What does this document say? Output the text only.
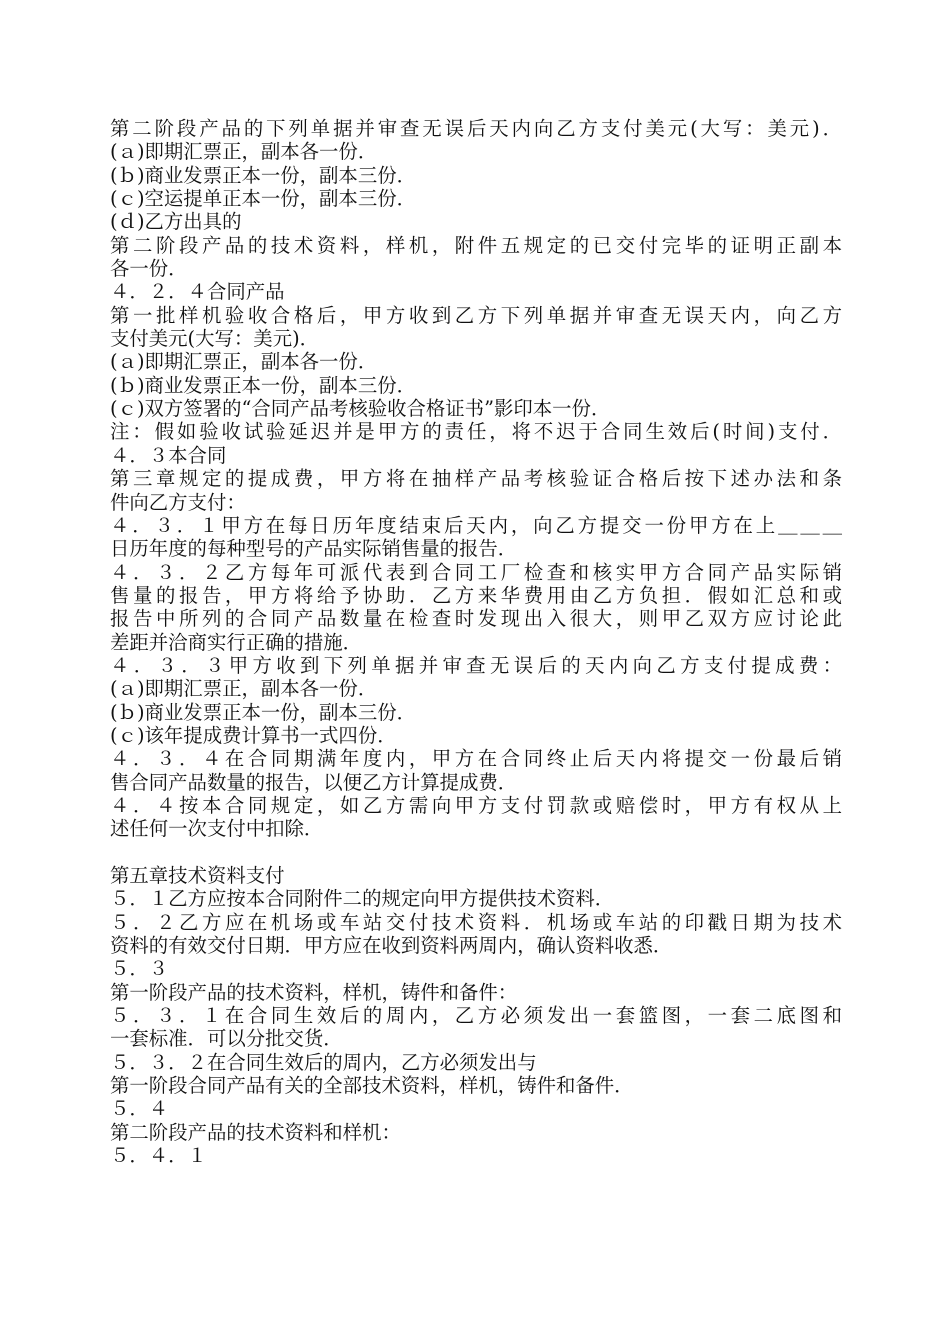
第二阶段产品的下列单据并审查无误后天内向乙方支付美元(大写：美元)．
(ａ)即期汇票正，副本各一份．
(ｂ)商业发票正本一份，副本三份．
(ｃ)空运提单正本一份，副本三份．
(ｄ)乙方出具的
第二阶段产品的技术资料，样机，附件五规定的已交付完毕的证明正副本
各一份．
４．２．４合同产品
第一批样机验收合格后，甲方收到乙方下列单据并审查无误天内，向乙方
支付美元(大写：美元)．
(ａ)即期汇票正，副本各一份．
(ｂ)商业发票正本一份，副本三份．
(ｃ)双方签署的“合同产品考核验收合格证书”影印本一份．
注：假如验收试验延迟并是甲方的责任，将不迟于合同生效后(时间)支付．
４．３本合同
第三章规定的提成费，甲方将在抽样产品考核验证合格后按下述办法和条
件向乙方支付：
４．３．１甲方在每日历年度结束后天内，向乙方提交一份甲方在上＿＿＿
日历年度的每种型号的产品实际销售量的报告．
４．３．２乙方每年可派代表到合同工厂检查和核实甲方合同产品实际销
售量的报告，甲方将给予协助．乙方来华费用由乙方负担．假如汇总和或
报告中所列的合同产品数量在检查时发现出入很大，则甲乙双方应讨论此
差距并洽商实行正确的措施．
４．３．３甲方收到下列单据并审查无误后的天内向乙方支付提成费：
(ａ)即期汇票正，副本各一份．
(ｂ)商业发票正本一份，副本三份．
(ｃ)该年提成费计算书一式四份．
４．３．４在合同期满年度内，甲方在合同终止后天内将提交一份最后销
售合同产品数量的报告，以便乙方计算提成费．
４．４按本合同规定，如乙方需向甲方支付罚款或赔偿时，甲方有权从上
述任何一次支付中扣除．
第五章技术资料支付
５．１乙方应按本合同附件二的规定向甲方提供技术资料．
５．２乙方应在机场或车站交付技术资料．机场或车站的印戳日期为技术
资料的有效交付日期．甲方应在收到资料两周内，确认资料收悉．
５．３
第一阶段产品的技术资料，样机，铸件和备件：
５．３．１在合同生效后的周内，乙方必须发出一套篮图，一套二底图和
一套标准．可以分批交货．
５．３．２在合同生效后的周内，乙方必须发出与
第一阶段合同产品有关的全部技术资料，样机，铸件和备件．
５．４
第二阶段产品的技术资料和样机：
５．４．１
